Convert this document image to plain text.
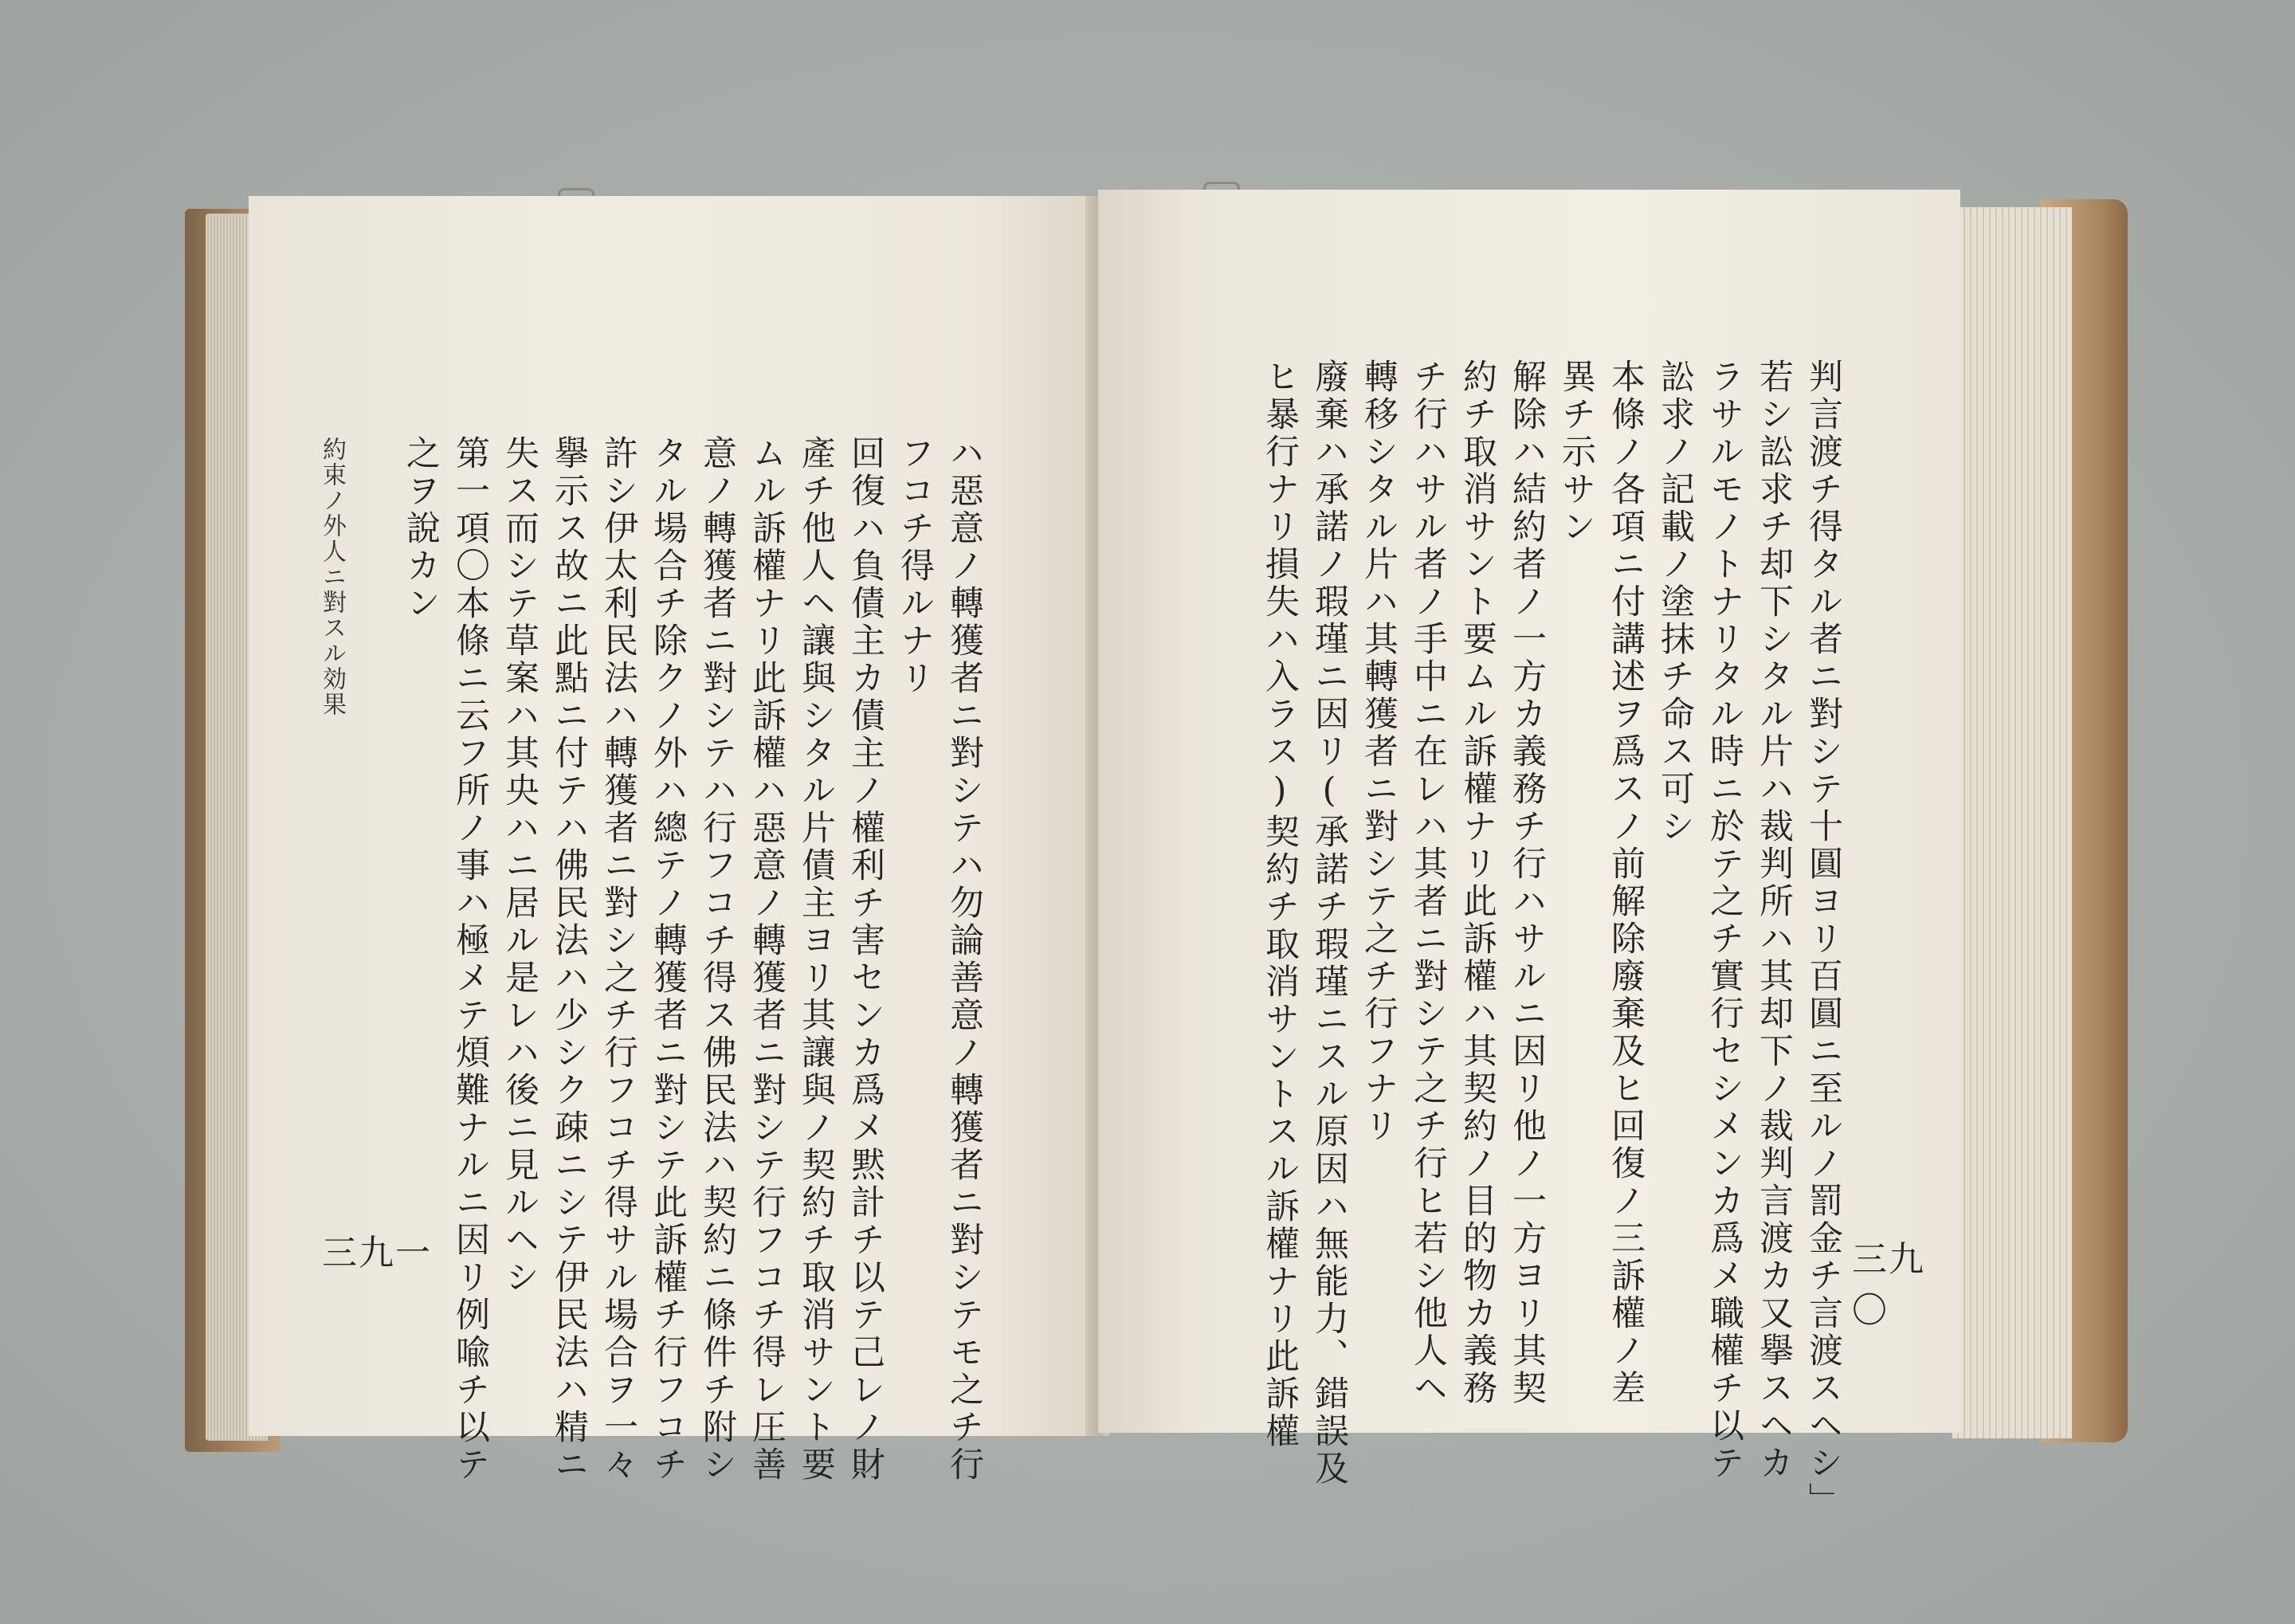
約束ノ外人ニ對スル効果	ハ惡意ノ轉獲者ニ對シテハ勿論善意ノ轉獲者ニ對シテモ之チ行
フコチ得ルナリ
回復ハ負債主カ債主ノ權利チ害センカ爲メ黙計チ以テ己レノ財
產チ他人ヘ讓與シタル片債主ヨリ其讓與ノ契約チ取消サント要
ムル訴權ナリ此訴權ハ惡意ノ轉獲者ニ對シテ行フコチ得レ圧善
意ノ轉獲者ニ對シテハ行フコチ得ス佛民法ハ契約ニ條件チ附シ
タル場合チ除クノ外ハ總テノ轉獲者ニ對シテ此訴權チ行フコチ
許シ伊太利民法ハ轉獲者ニ對シ之チ行フコチ得サル場合ヲ一々
擧示ス故ニ此點ニ付テハ佛民法ハ少シク疎ニシテ伊民法ハ精ニ
失ス而シテ草案ハ其央ハニ居ル是レハ後ニ見ルヘシ
第一項〇本條ニ云フ所ノ事ハ極メテ煩難ナルニ因リ例喩チ以テ
之ヲ說カン
三九一	判言渡チ得タル者ニ對シテ十圓ヨリ百圓ニ至ルノ罰金チ言渡スヘシ」
若シ訟求チ却下シタル片ハ裁判所ハ其却下ノ裁判言渡カ又擧スヘカ
ラサルモノトナリタル時ニ於テ之チ實行セシメンカ爲メ職權チ以テ
訟求ノ記載ノ塗抹チ命ス可シ
本條ノ各項ニ付講述ヲ爲スノ前解除廢棄及ヒ回復ノ三訴權ノ差
異チ示サン
解除ハ結約者ノ一方カ義務チ行ハサルニ因リ他ノ一方ヨリ其契
約チ取消サント要ムル訴權ナリ此訴權ハ其契約ノ目的物カ義務
チ行ハサル者ノ手中ニ在レハ其者ニ對シテ之チ行ヒ若シ他人ヘ
轉移シタル片ハ其轉獲者ニ對シテ之チ行フナリ
廢棄ハ承諾ノ瑕瑾ニ因リ(承諾チ瑕瑾ニスル原因ハ無能力、錯誤及
ヒ暴行ナリ損失ハ入ラス)契約チ取消サントスル訴權ナリ此訴權	三九〇
